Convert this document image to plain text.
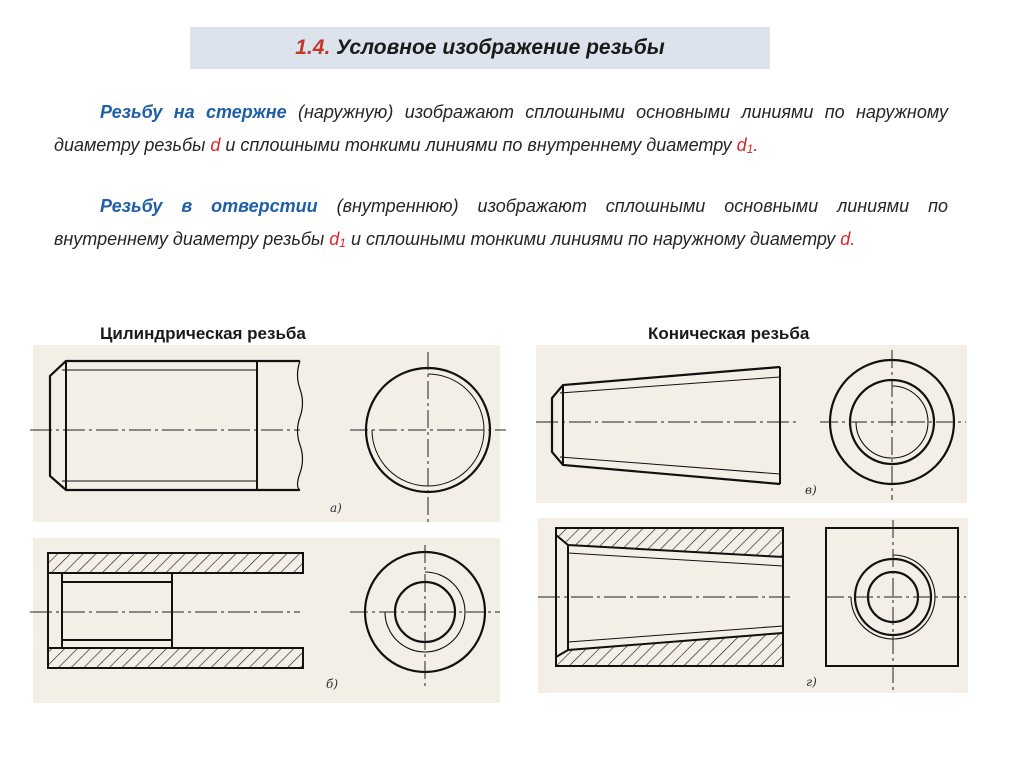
1.4. Условное изображение резьбы

Резьбу на стержне (наружную) изображают сплошными основными линиями по наружному диаметру резьбы d и сплошными тонкими линиями по внутреннему диаметру $d_1$.

Резьбу в отверстии (внутреннюю) изображают сплошными основными линиями по внутреннему диаметру резьбы $d_1$ и сплошными тонкими линиями по наружному диаметру d.

Цилиндрическая резьба	Коническая резьба
а)
б)
в)
г)
